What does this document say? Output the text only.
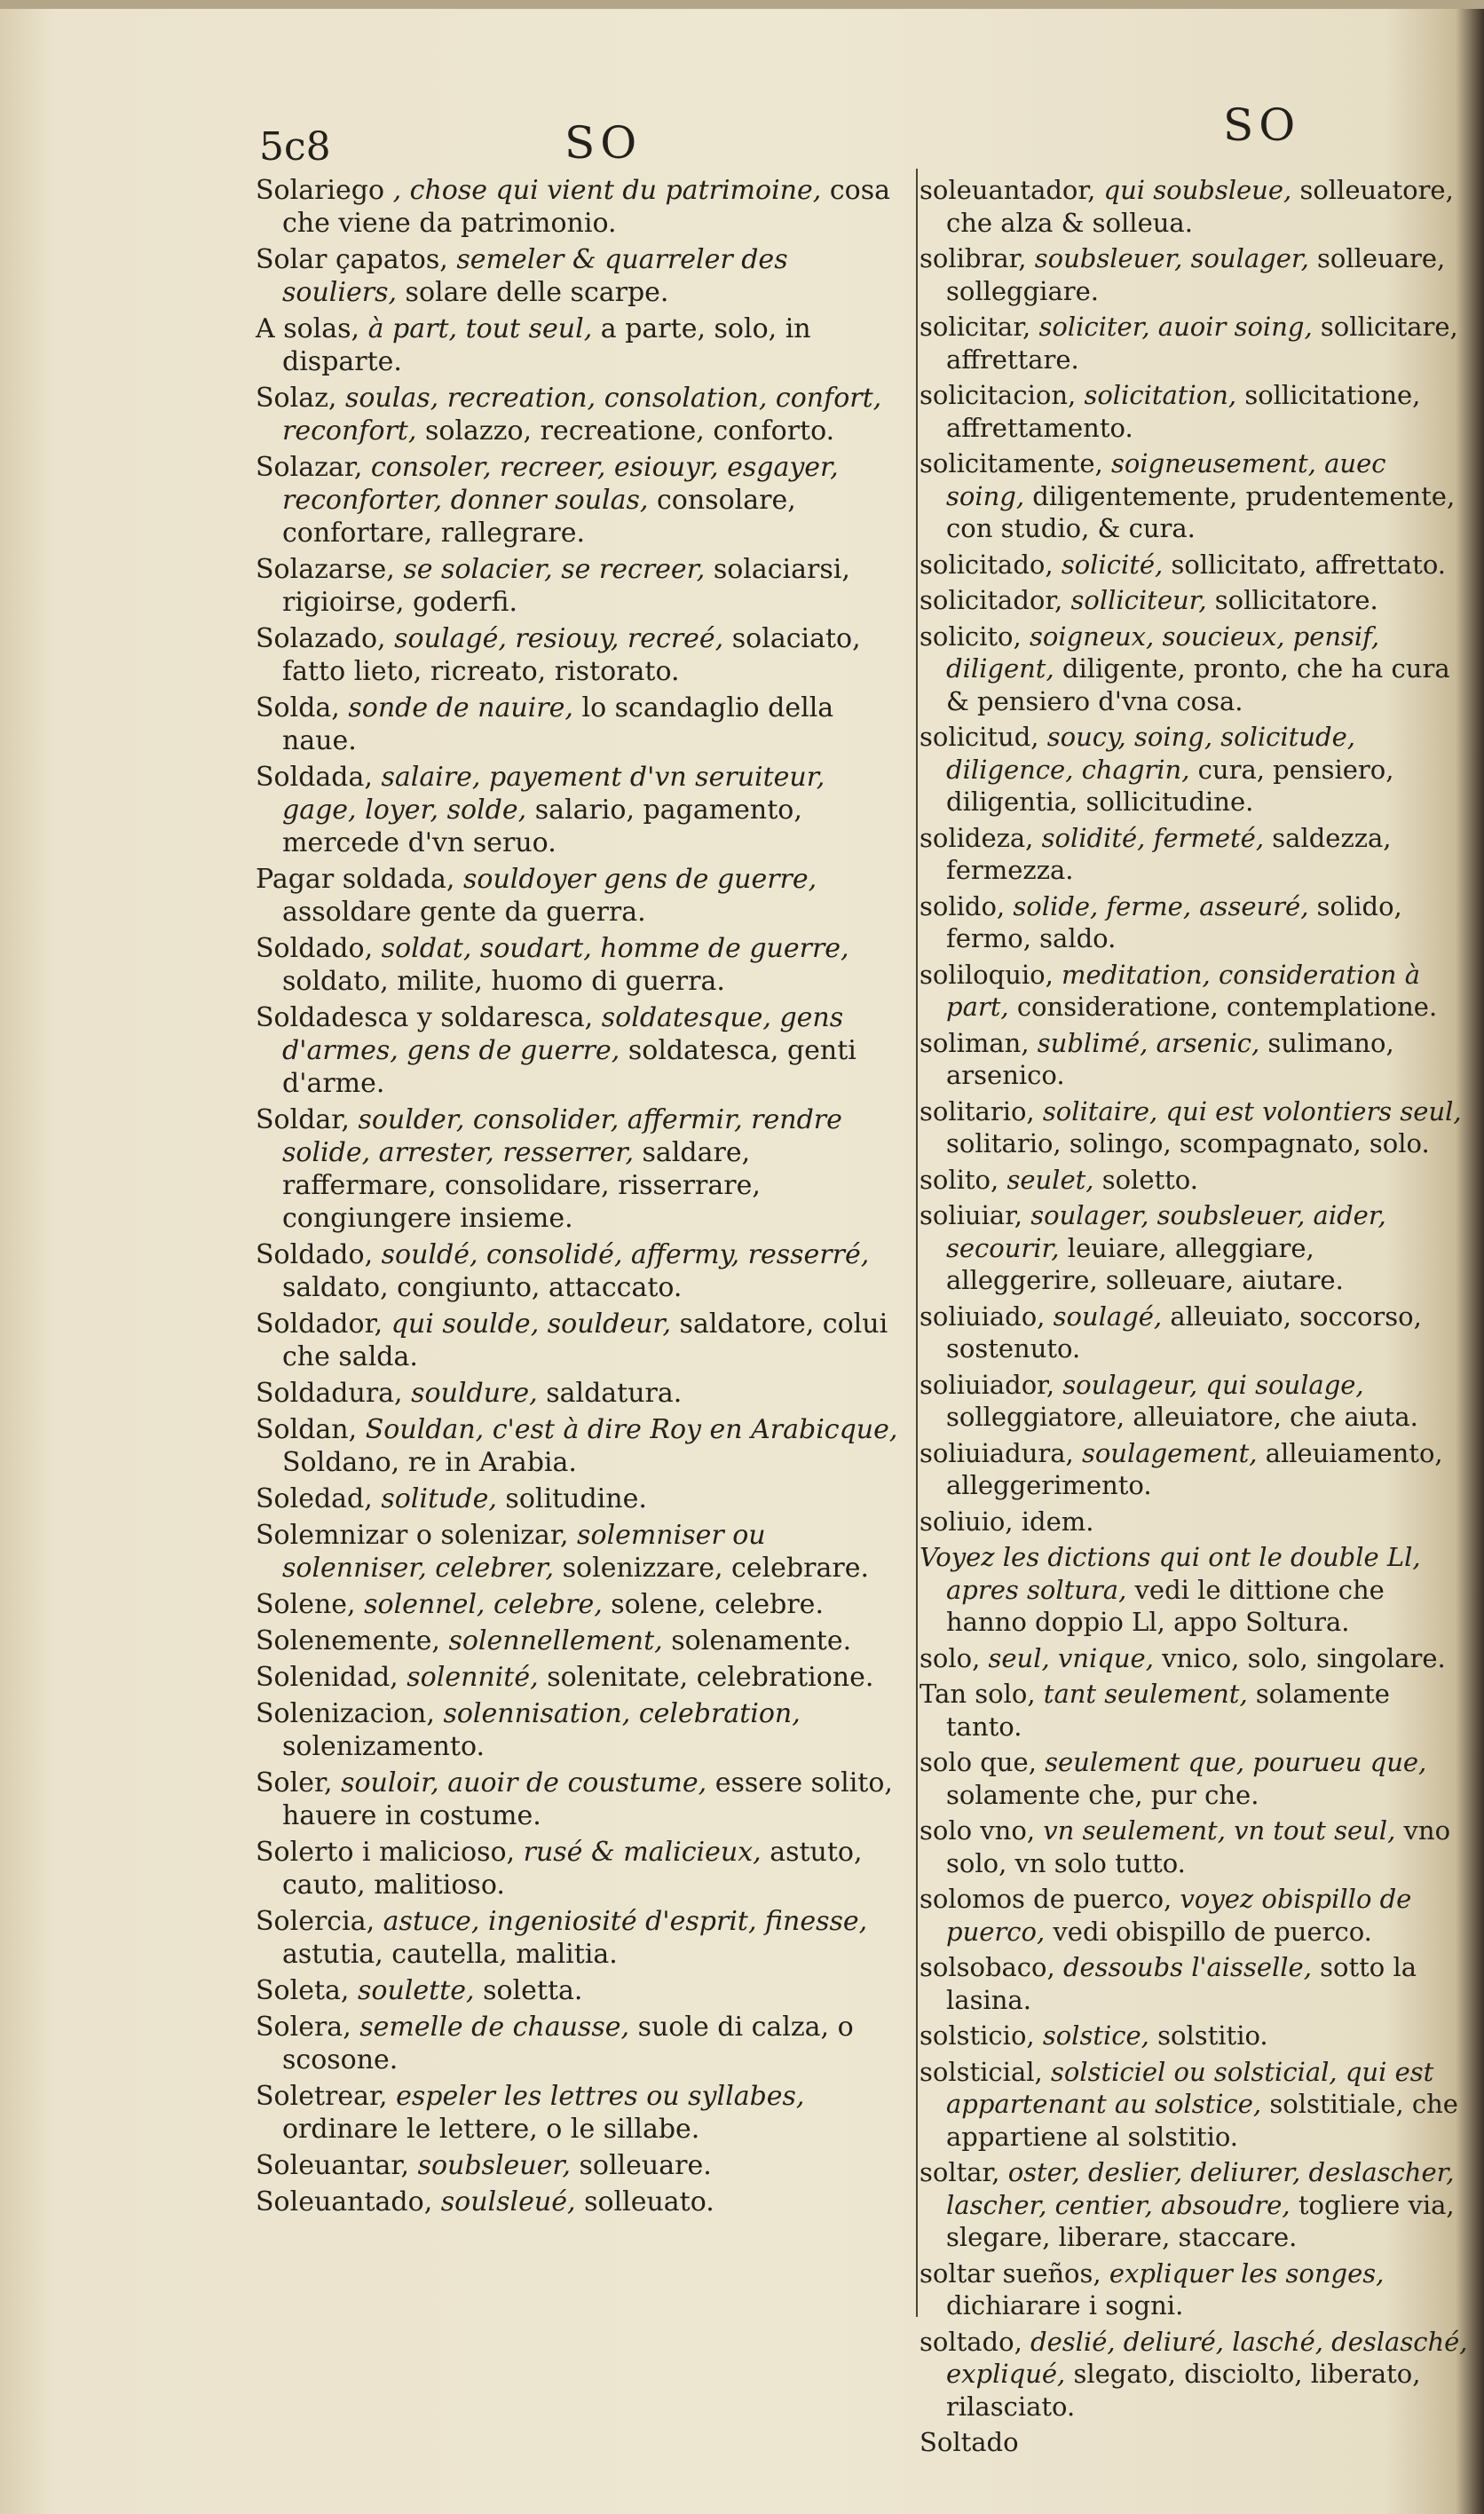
5c8	SO	SO
Solariego , chose qui vient du patrimoine, cosa che viene da patrimonio.
Solar çapatos, semeler & quarreler des souliers, solare delle scarpe.
A solas, à part, tout seul, a parte, solo, in disparte.
Solaz, soulas, recreation, consolation, confort, reconfort, solazzo, recreatione, conforto.
Solazar, consoler, recreer, esiouyr, esgayer, reconforter, donner soulas, consolare, confortare, rallegrare.
Solazarse, se solacier, se recreer, solaciarsi, rigioirse, goderfi.
Solazado, soulagé, resiouy, recreé, solaciato, fatto lieto, ricreato, ristorato.
Solda, sonde de nauire, lo scandaglio della naue.
Soldada, salaire, payement d'vn seruiteur, gage, loyer, solde, salario, pagamento, mercede d'vn seruo.
Pagar soldada, souldoyer gens de guerre, assoldare gente da guerra.
Soldado, soldat, soudart, homme de guerre, soldato, milite, huomo di guerra.
Soldadesca y soldaresca, soldatesque, gens d'armes, gens de guerre, soldatesca, genti d'arme.
Soldar, soulder, consolider, affermir, rendre solide, arrester, resserrer, saldare, raffermare, consolidare, risserrare, congiungere insieme.
Soldado, souldé, consolidé, affermy, resserré, saldato, congiunto, attaccato.
Soldador, qui soulde, souldeur, saldatore, colui che salda.
Soldadura, souldure, saldatura.
Soldan, Souldan, c'est à dire Roy en Arabicque, Soldano, re in Arabia.
Soledad, solitude, solitudine.
Solemnizar o solenizar, solemniser ou solenniser, celebrer, solenizzare, celebrare.
Solene, solennel, celebre, solene, celebre.
Solenemente, solennellement, solenamente.
Solenidad, solennité, solenitate, celebratione.
Solenizacion, solennisation, celebration, solenizamento.
Soler, souloir, auoir de coustume, essere solito, hauere in costume.
Solerto i malicioso, rusé & malicieux, astuto, cauto, malitioso.
Solercia, astuce, ingeniosité d'esprit, finesse, astutia, cautella, malitia.
Soleta, soulette, soletta.
Solera, semelle de chausse, suole di calza, o scosone.
Soletrear, espeler les lettres ou syllabes, ordinare le lettere, o le sillabe.
Soleuantar, soubsleuer, solleuare.
Soleuantado, soulsleué, solleuato.
soleuantador, qui soubsleue, solleuatore, che alza & solleua.
solibrar, soubsleuer, soulager, solleuare, solleggiare.
solicitar, soliciter, auoir soing, sollicitare, affrettare.
solicitacion, solicitation, sollicitatione, affrettamento.
solicitamente, soigneusement, auec soing, diligentemente, prudentemente, con studio, & cura.
solicitado, solicité, sollicitato, affrettato.
solicitador, solliciteur, sollicitatore.
solicito, soigneux, soucieux, pensif, diligent, diligente, pronto, che ha cura & pensiero d'vna cosa.
solicitud, soucy, soing, solicitude, diligence, chagrin, cura, pensiero, diligentia, sollicitudine.
solideza, solidité, fermeté, saldezza, fermezza.
solido, solide, ferme, asseuré, solido, fermo, saldo.
soliloquio, meditation, consideration à part, consideratione, contemplatione.
soliman, sublimé, arsenic, sulimano, arsenico.
solitario, solitaire, qui est volontiers seul, solitario, solingo, scompagnato, solo.
solito, seulet, soletto.
soliuiar, soulager, soubsleuer, aider, secourir, leuiare, alleggiare, alleggerire, solleuare, aiutare.
soliuiado, soulagé, alleuiato, soccorso, sostenuto.
soliuiador, soulageur, qui soulage, solleggiatore, alleuiatore, che aiuta.
soliuiadura, soulagement, alleuiamento, alleggerimento.
soliuio, idem.
Voyez les dictions qui ont le double Ll, apres soltura, vedi le dittione che hanno doppio Ll, appo Soltura.
solo, seul, vnique, vnico, solo, singolare.
Tan solo, tant seulement, solamente tanto.
solo que, seulement que, pourueu que, solamente che, pur che.
solo vno, vn seulement, vn tout seul, vno solo, vn solo tutto.
solomos de puerco, voyez obispillo de puerco, vedi obispillo de puerco.
solsobaco, dessoubs l'aisselle, sotto la lasina.
solsticio, solstice, solstitio.
solsticial, solsticiel ou solsticial, qui est appartenant au solstice, solstitiale, che appartiene al solstitio.
soltar, oster, deslier, deliurer, deslascher, lascher, centier, absoudre, togliere via, slegare, liberare, staccare.
soltar sueños, expliquer les songes, dichiarare i sogni.
soltado, deslié, deliuré, lasché, deslasché, expliqué, slegato, disciolto, liberato, rilasciato.
Soltado
